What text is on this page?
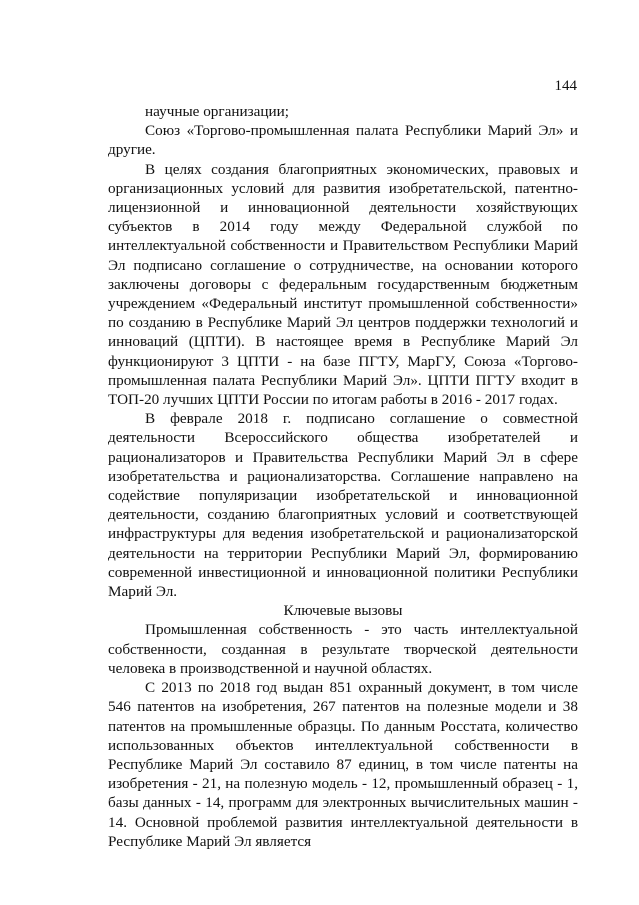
144

научные организации;

Союз «Торгово-промышленная палата Республики Марий Эл» и другие.

В целях создания благоприятных экономических, правовых и организационных условий для развития изобретательской, патентно-лицензионной и инновационной деятельности хозяйствующих субъектов в 2014 году между Федеральной службой по интеллектуальной собственности и Правительством Республики Марий Эл подписано соглашение о сотрудничестве, на основании которого заключены договоры с федеральным государственным бюджетным учреждением «Федеральный институт промышленной собственности» по созданию в Республике Марий Эл центров поддержки технологий и инноваций (ЦПТИ). В настоящее время в Республике Марий Эл функционируют 3 ЦПТИ - на базе ПГТУ, МарГУ, Союза «Торгово-промышленная палата Республики Марий Эл». ЦПТИ ПГТУ входит в ТОП-20 лучших ЦПТИ России по итогам работы в 2016 - 2017 годах.

В феврале 2018 г. подписано соглашение о совместной деятельности Всероссийского общества изобретателей и рационализаторов и Правительства Республики Марий Эл в сфере изобретательства и рационализаторства. Соглашение направлено на содействие популяризации изобретательской и инновационной деятельности, созданию благоприятных условий и соответствующей инфраструктуры для ведения изобретательской и рационализаторской деятельности на территории Республики Марий Эл, формированию современной инвестиционной и инновационной политики Республики Марий Эл.

Ключевые вызовы

Промышленная собственность - это часть интеллектуальной собственности, созданная в результате творческой деятельности человека в производственной и научной областях.

С 2013 по 2018 год выдан 851 охранный документ, в том числе 546 патентов на изобретения, 267 патентов на полезные модели и 38 патентов на промышленные образцы. По данным Росстата, количество использованных объектов интеллектуальной собственности в Республике Марий Эл составило 87 единиц, в том числе патенты на изобретения - 21, на полезную модель - 12, промышленный образец - 1, базы данных - 14, программ для электронных вычислительных машин - 14. Основной проблемой развития интеллектуальной деятельности в Республике Марий Эл является
